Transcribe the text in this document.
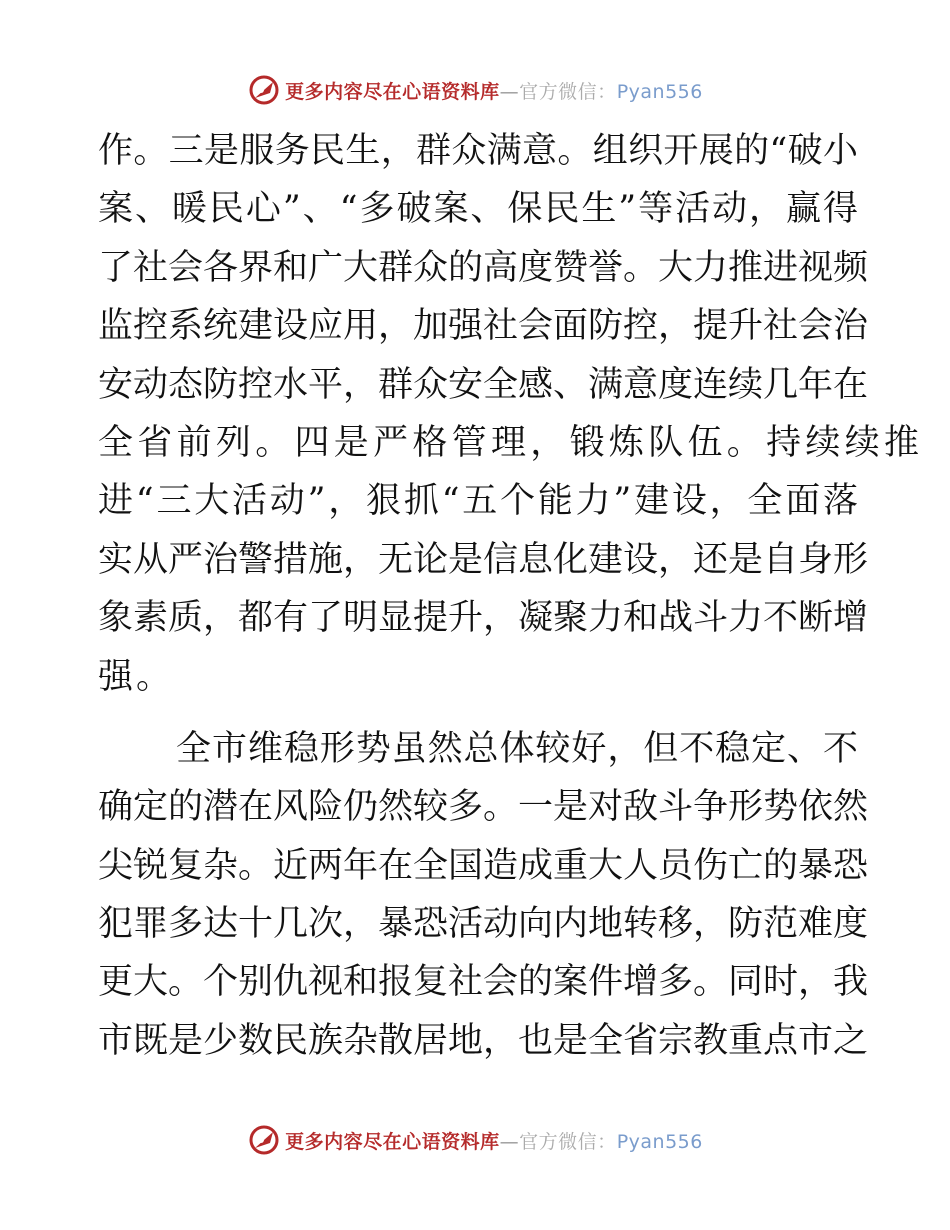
更多内容尽在心语资料库—官方微信：Pyan556
作。三是服务民生，群众满意。组织开展的“破小
案、暖民心”、“多破案、保民生”等活动，赢得
了社会各界和广大群众的高度赞誉。大力推进视频
监控系统建设应用，加强社会面防控，提升社会治
安动态防控水平，群众安全感、满意度连续几年在
全省前列。四是严格管理，锻炼队伍。持续续推
进“三大活动”，狠抓“五个能力”建设，全面落
实从严治警措施，无论是信息化建设，还是自身形
象素质，都有了明显提升，凝聚力和战斗力不断增
强。
全市维稳形势虽然总体较好，但不稳定、不
确定的潜在风险仍然较多。一是对敌斗争形势依然
尖锐复杂。近两年在全国造成重大人员伤亡的暴恐
犯罪多达十几次，暴恐活动向内地转移，防范难度
更大。个别仇视和报复社会的案件增多。同时，我
市既是少数民族杂散居地，也是全省宗教重点市之
更多内容尽在心语资料库—官方微信：Pyan556
